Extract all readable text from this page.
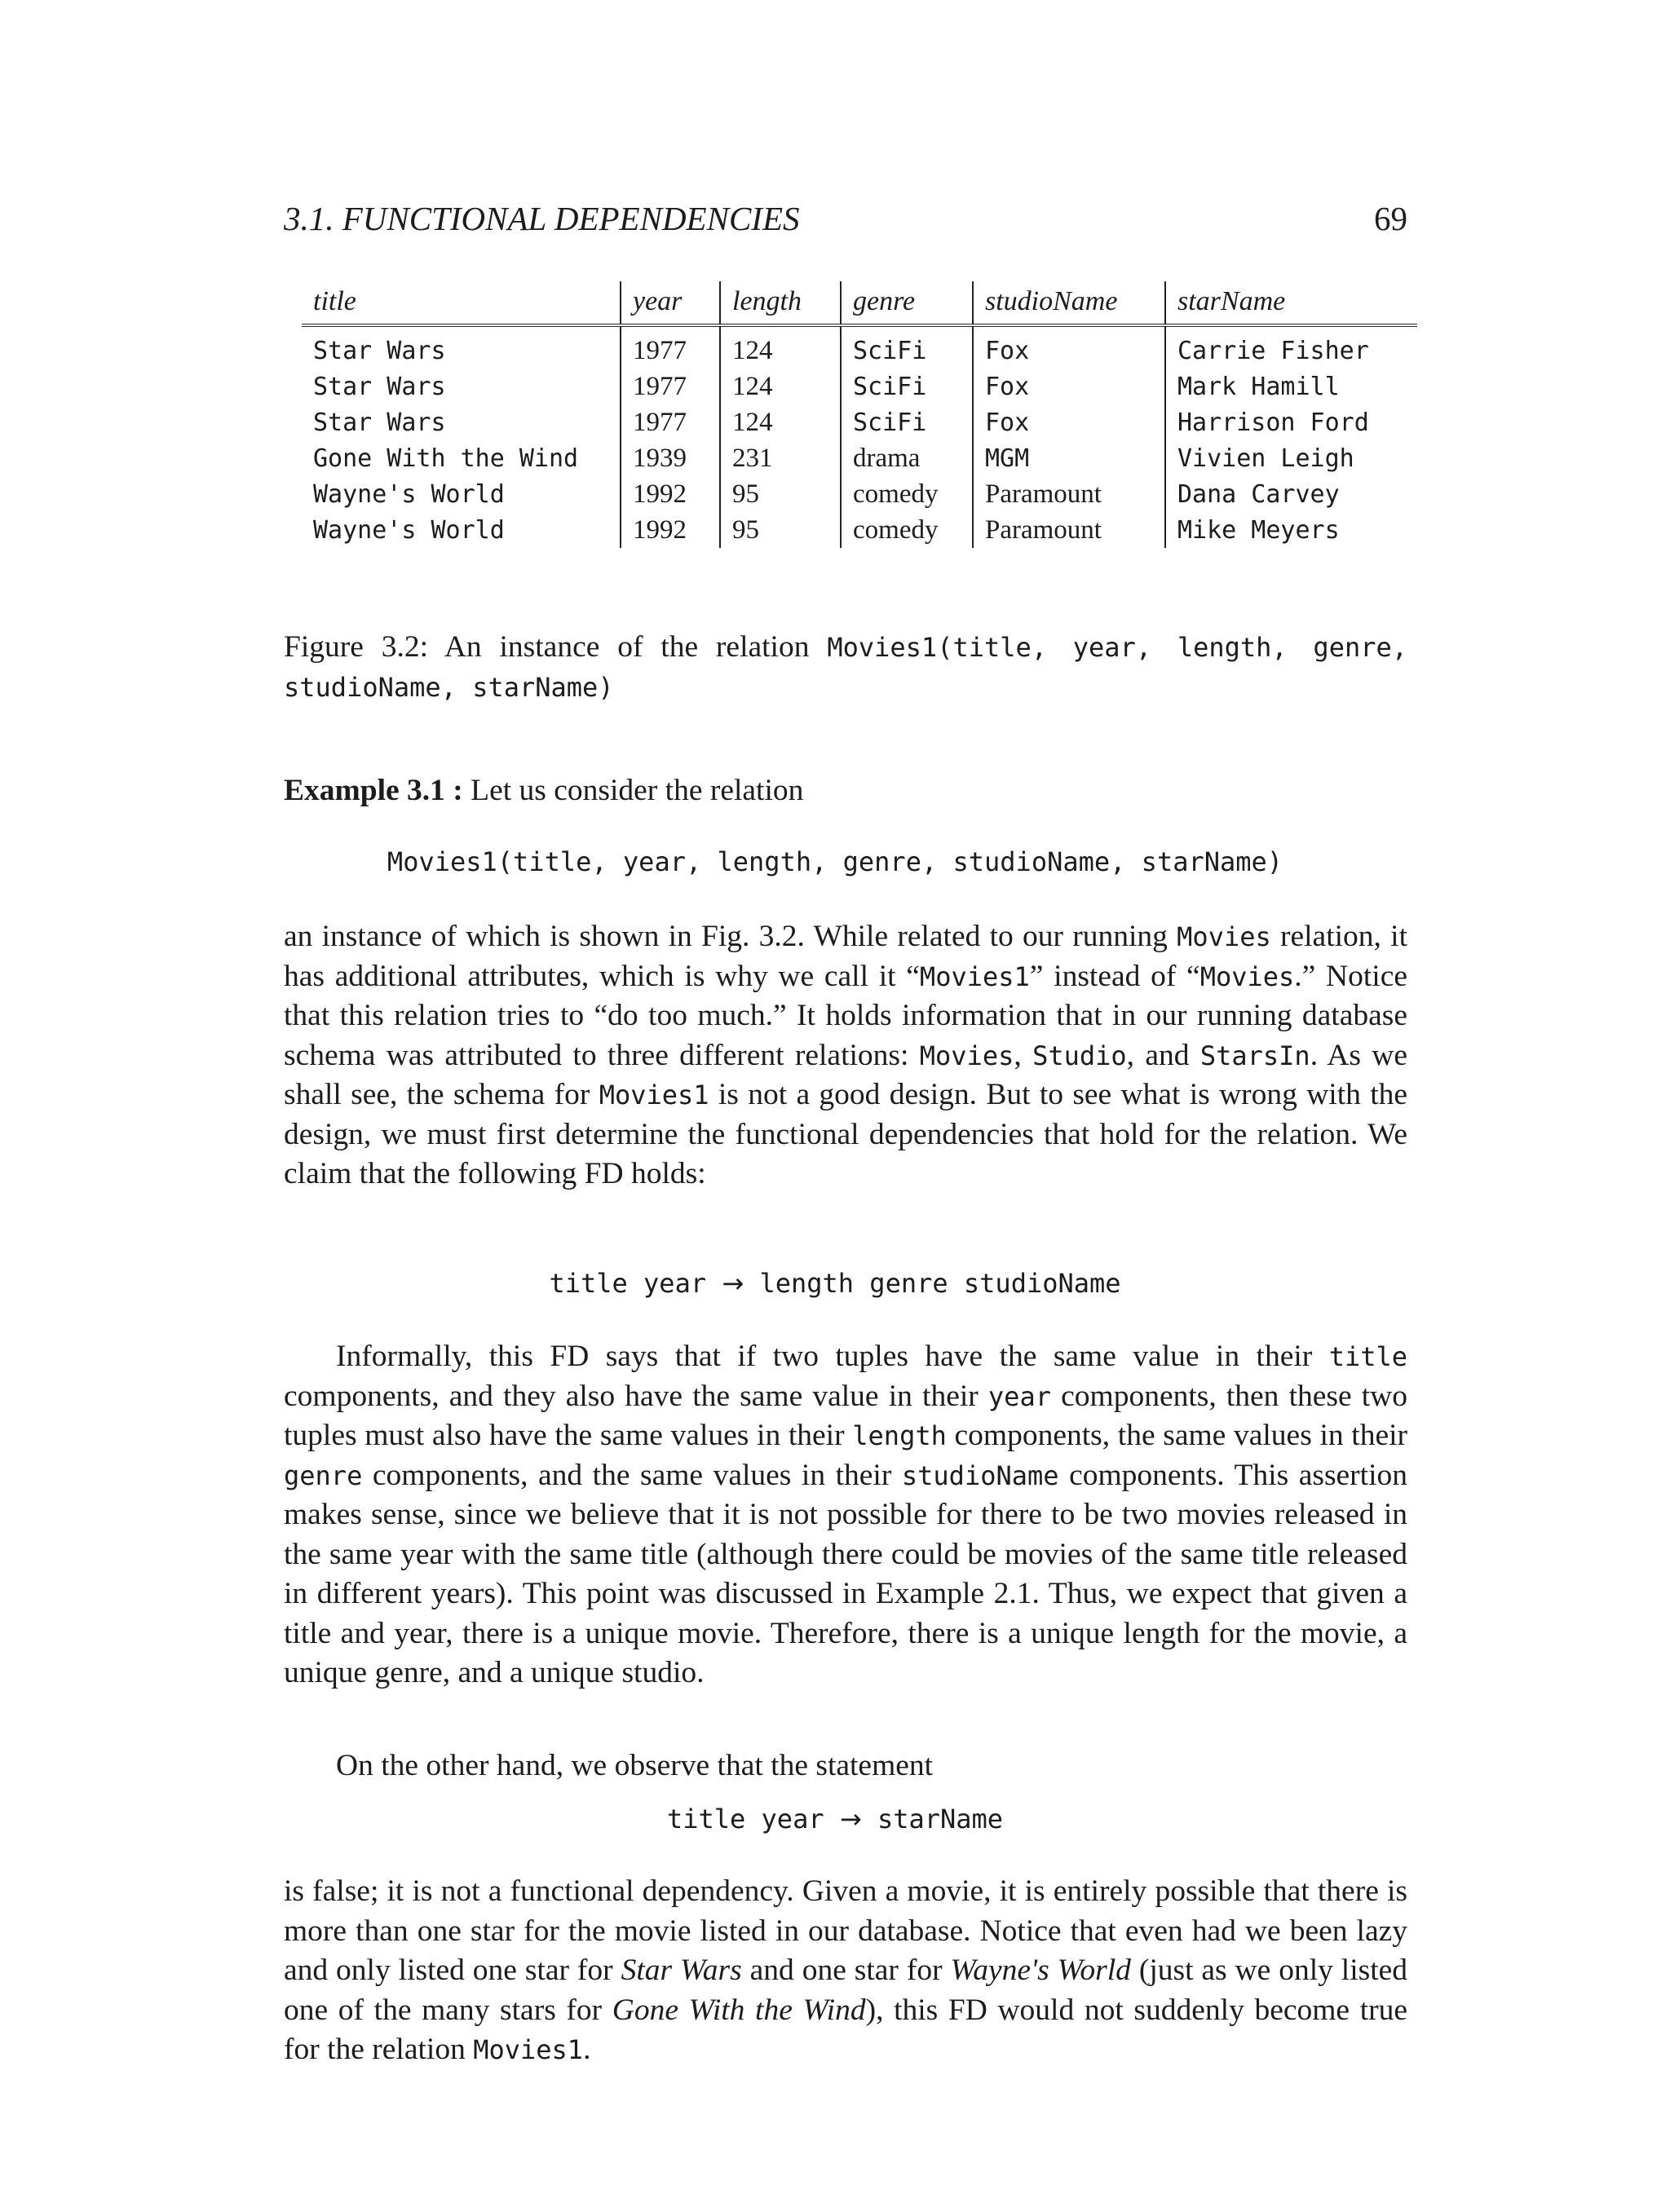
3.1. FUNCTIONAL DEPENDENCIES	69
title	year	length	genre	studioName	starName
Star Wars	1977	124	SciFi	Fox	Carrie Fisher
Star Wars	1977	124	SciFi	Fox	Mark Hamill
Star Wars	1977	124	SciFi	Fox	Harrison Ford
Gone With the Wind	1939	231	drama	MGM	Vivien Leigh
Wayne's World	1992	95	comedy	Paramount	Dana Carvey
Wayne's World	1992	95	comedy	Paramount	Mike Meyers
Figure 3.2: An instance of the relation Movies1(title, year, length, genre, studioName, starName)
Example 3.1 : Let us consider the relation
Movies1(title, year, length, genre, studioName, starName)
an instance of which is shown in Fig. 3.2. While related to our running Movies relation, it has additional attributes, which is why we call it “Movies1” instead of “Movies.” Notice that this relation tries to “do too much.” It holds information that in our running database schema was attributed to three different relations: Movies, Studio, and StarsIn. As we shall see, the schema for Movies1 is not a good design. But to see what is wrong with the design, we must first determine the functional dependencies that hold for the relation. We claim that the following FD holds:
title year → length genre studioName
Informally, this FD says that if two tuples have the same value in their title components, and they also have the same value in their year components, then these two tuples must also have the same values in their length components, the same values in their genre components, and the same values in their studioName components. This assertion makes sense, since we believe that it is not possible for there to be two movies released in the same year with the same title (although there could be movies of the same title released in different years). This point was discussed in Example 2.1. Thus, we expect that given a title and year, there is a unique movie. Therefore, there is a unique length for the movie, a unique genre, and a unique studio.
On the other hand, we observe that the statement
title year → starName
is false; it is not a functional dependency. Given a movie, it is entirely possible that there is more than one star for the movie listed in our database. Notice that even had we been lazy and only listed one star for Star Wars and one star for Wayne's World (just as we only listed one of the many stars for Gone With the Wind), this FD would not suddenly become true for the relation Movies1.
